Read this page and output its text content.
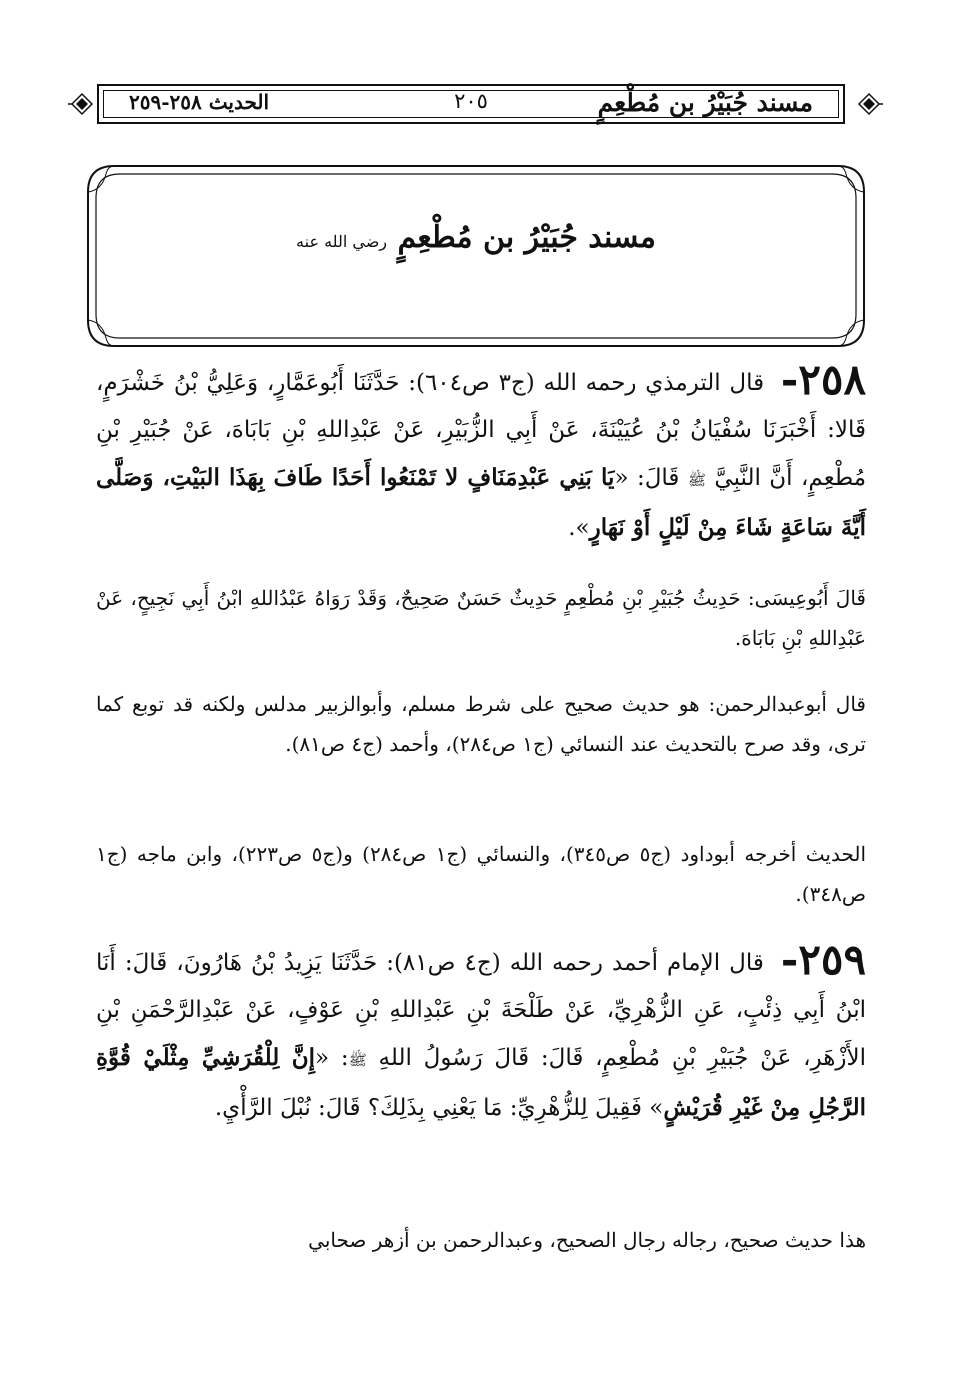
مسند جُبَيْرُ بن مُطْعِمٍ
٢٠٥
الحديث ٢٥٨-٢٥٩
مسند جُبَيْرُ بن مُطْعِمٍ رضي الله عنه
٢٥٨- قال الترمذي رحمه الله (ج٣ ص٦٠٤): حَدَّثَنَا أَبُوعَمَّارٍ، وَعَلِيُّ بْنُ خَشْرَمٍ، قَالا: أَخْبَرَنَا سُفْيَانُ بْنُ عُيَيْنَةَ، عَنْ أَبِي الزُّبَيْرِ، عَنْ عَبْدِاللهِ بْنِ بَابَاهَ، عَنْ جُبَيْرِ بْنِ مُطْعِمٍ، أَنَّ النَّبِيَّ ﷺ قَالَ: «يَا بَنِي عَبْدِمَنَافٍ لا تَمْنَعُوا أَحَدًا طَافَ بِهَذَا البَيْتِ، وَصَلَّى أَيَّةَ سَاعَةٍ شَاءَ مِنْ لَيْلٍ أَوْ نَهَارٍ».
قَالَ أَبُوعِيسَى: حَدِيثُ جُبَيْرِ بْنِ مُطْعِمٍ حَدِيثٌ حَسَنٌ صَحِيحٌ، وَقَدْ رَوَاهُ عَبْدُاللهِ ابْنُ أَبِي نَجِيحٍ، عَنْ عَبْدِاللهِ بْنِ بَابَاهَ.
قال أبوعبدالرحمن: هو حديث صحيح على شرط مسلم، وأبوالزبير مدلس ولكنه قد توبع كما ترى، وقد صرح بالتحديث عند النسائي (ج١ ص٢٨٤)، وأحمد (ج٤ ص٨١).
الحديث أخرجه أبوداود (ج٥ ص٣٤٥)، والنسائي (ج١ ص٢٨٤) و(ج٥ ص٢٢٣)، وابن ماجه (ج١ ص٣٤٨).
٢٥٩- قال الإمام أحمد رحمه الله (ج٤ ص٨١): حَدَّثَنَا يَزِيدُ بْنُ هَارُونَ، قَالَ: أَنَا ابْنُ أَبِي ذِئْبٍ، عَنِ الزُّهْرِيِّ، عَنْ طَلْحَةَ بْنِ عَبْدِاللهِ بْنِ عَوْفٍ، عَنْ عَبْدِالرَّحْمَنِ بْنِ الأَزْهَرِ، عَنْ جُبَيْرِ بْنِ مُطْعِمٍ، قَالَ: قَالَ رَسُولُ اللهِ ﷺ: «إِنَّ لِلْقُرَشِيِّ مِثْلَيْ قُوَّةِ الرَّجُلِ مِنْ غَيْرِ قُرَيْشٍ» فَقِيلَ لِلزُّهْرِيِّ: مَا يَعْنِي بِذَلِكَ؟ قَالَ: نُبْلَ الرَّأْيِ.
هذا حديث صحيح، رجاله رجال الصحيح، وعبدالرحمن بن أزهر صحابي
